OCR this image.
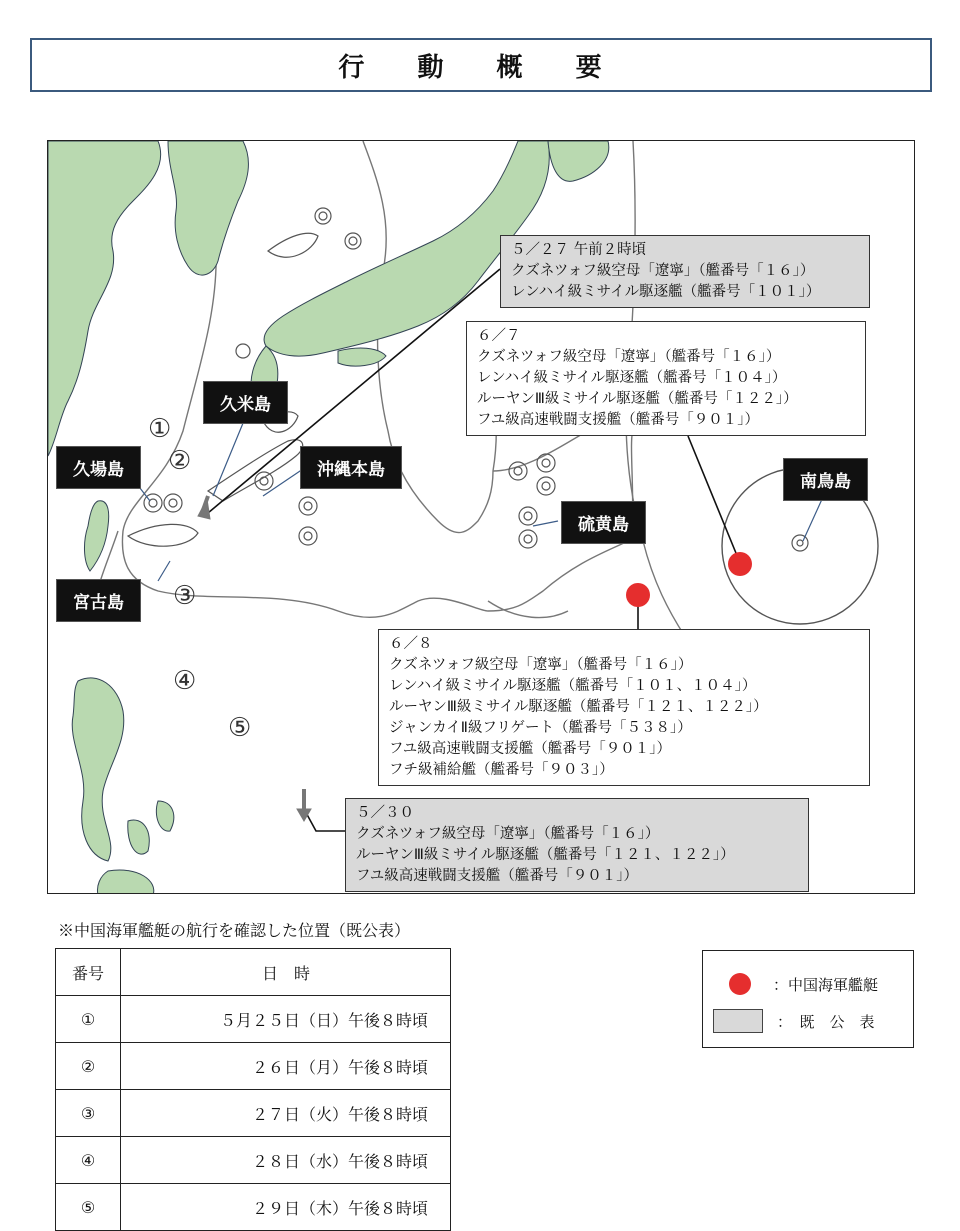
行 動 概 要
５／２７ 午前２時頃
クズネツォフ級空母「遼寧」（艦番号「１６」）
レンハイ級ミサイル駆逐艦（艦番号「１０１」）
６／７
クズネツォフ級空母「遼寧」（艦番号「１６」）
レンハイ級ミサイル駆逐艦（艦番号「１０４」）
ルーヤンⅢ級ミサイル駆逐艦（艦番号「１２２」）
フユ級高速戦闘支援艦（艦番号「９０１」）
６／８
クズネツォフ級空母「遼寧」（艦番号「１６」）
レンハイ級ミサイル駆逐艦（艦番号「１０１、１０４」）
ルーヤンⅢ級ミサイル駆逐艦（艦番号「１２１、１２２」）
ジャンカイⅡ級フリゲート（艦番号「５３８」）
フユ級高速戦闘支援艦（艦番号「９０１」）
フチ級補給艦（艦番号「９０３」）
５／３０
クズネツォフ級空母「遼寧」（艦番号「１６」）
ルーヤンⅢ級ミサイル駆逐艦（艦番号「１２１、１２２」）
フユ級高速戦闘支援艦（艦番号「９０１」）
久米島
沖縄本島
久場島
宮古島
硫黄島
南鳥島
①
②
③
④
⑤
※中国海軍艦艇の航行を確認した位置（既公表）
番号	日　時
①	５月２５日（日）午後８時頃
②	２６日（月）午後８時頃
③	２７日（火）午後８時頃
④	２８日（水）午後８時頃
⑤	２９日（木）午後８時頃
：中国海軍艦艇
：　既　公　表
